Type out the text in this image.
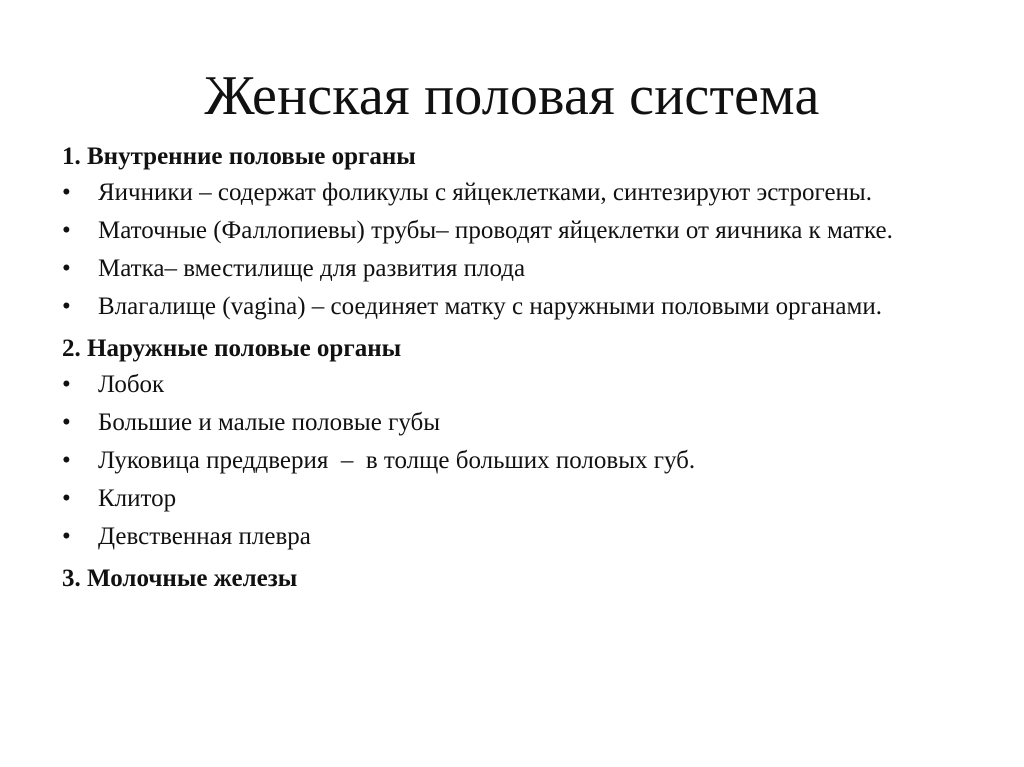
Женская половая система
1. Внутренние половые органы
•	Яичники – содержат фоликулы с яйцеклетками, синтезируют эстрогены.
•	Маточные (Фаллопиевы) трубы– проводят яйцеклетки от яичника к матке.
•	Матка– вместилище для развития плода
•	Влагалище (vagina) – соединяет матку с наружными половыми органами.
2. Наружные половые органы
•	Лобок
•	Большие и малые половые губы
•	Луковица преддверия  –  в толще больших половых губ.
•	Клитор
•	Девственная плевра
3. Молочные железы
